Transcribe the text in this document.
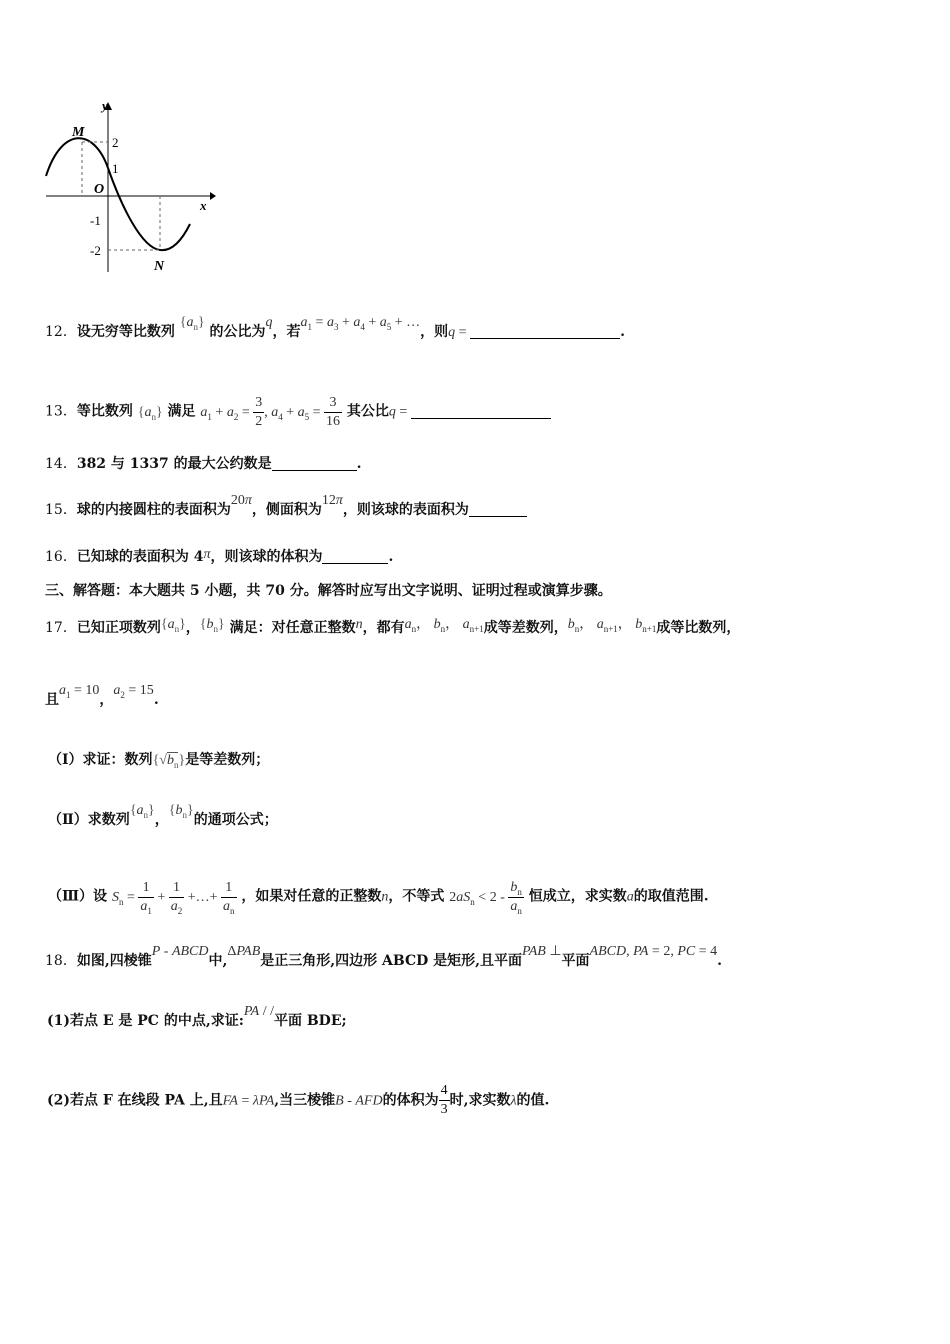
y
x
M
N
O
2
1
-1
-2
12．设无穷等比数列 $\{a_n\}$ 的公比为q，若$a_1 = a_3 + a_4 + a_5$ + …，则q =	.
13．等比数列 $\{a_n\}$ 满足 $a_1 + a_2 = \frac{3}{2}$ , $a_4 + a_5 = \frac{3}{16}$ 其公比q =
14．382 与 1337 的最大公约数是	.
15．球的内接圆柱的表面积为20π，侧面积为12π，则该球的表面积为
16．已知球的表面积为 4π，则该球的体积为	.
三、解答题：本大题共 5 小题，共 70 分。解答时应写出文字说明、证明过程或演算步骤。
17．已知正项数列$\{a_n\}$，$\{b_n\}$ 满足：对任意正整数n，都有$a_n$， $b_n$， $a_{n+1}$成等差数列，$b_n$， $a_{n+1}$， $b_{n+1}$成等比数列，
且$a_1 = 10$，$a_2 = 15$.
（Ⅰ）求证：数列$\{√b_n\}$是等差数列；
（Ⅱ）求数列$\{a_n\}$，$\{b_n\}$的通项公式；
（Ⅲ）设 $S_n = \frac{1}{a_1} + \frac{1}{a_2}$ +…+ $\frac{1}{a_n}$ ，如果对任意的正整数n，不等式 $2aS_n < 2 - \frac{b_n}{a_n}$ 恒成立，求实数a的取值范围.
18．如图,四棱锥P - ABCD中,ΔPAB是正三角形,四边形 ABCD 是矩形,且平面PAB ⊥平面ABCD, PA = 2, PC = 4.
(1)若点 E 是 PC 的中点,求证:PA / /平面 BDE;
(2)若点 F 在线段 PA 上,且FA = λPA,当三棱锥B - AFD的体积为 $\frac{4}{3}$ 时,求实数λ的值.
